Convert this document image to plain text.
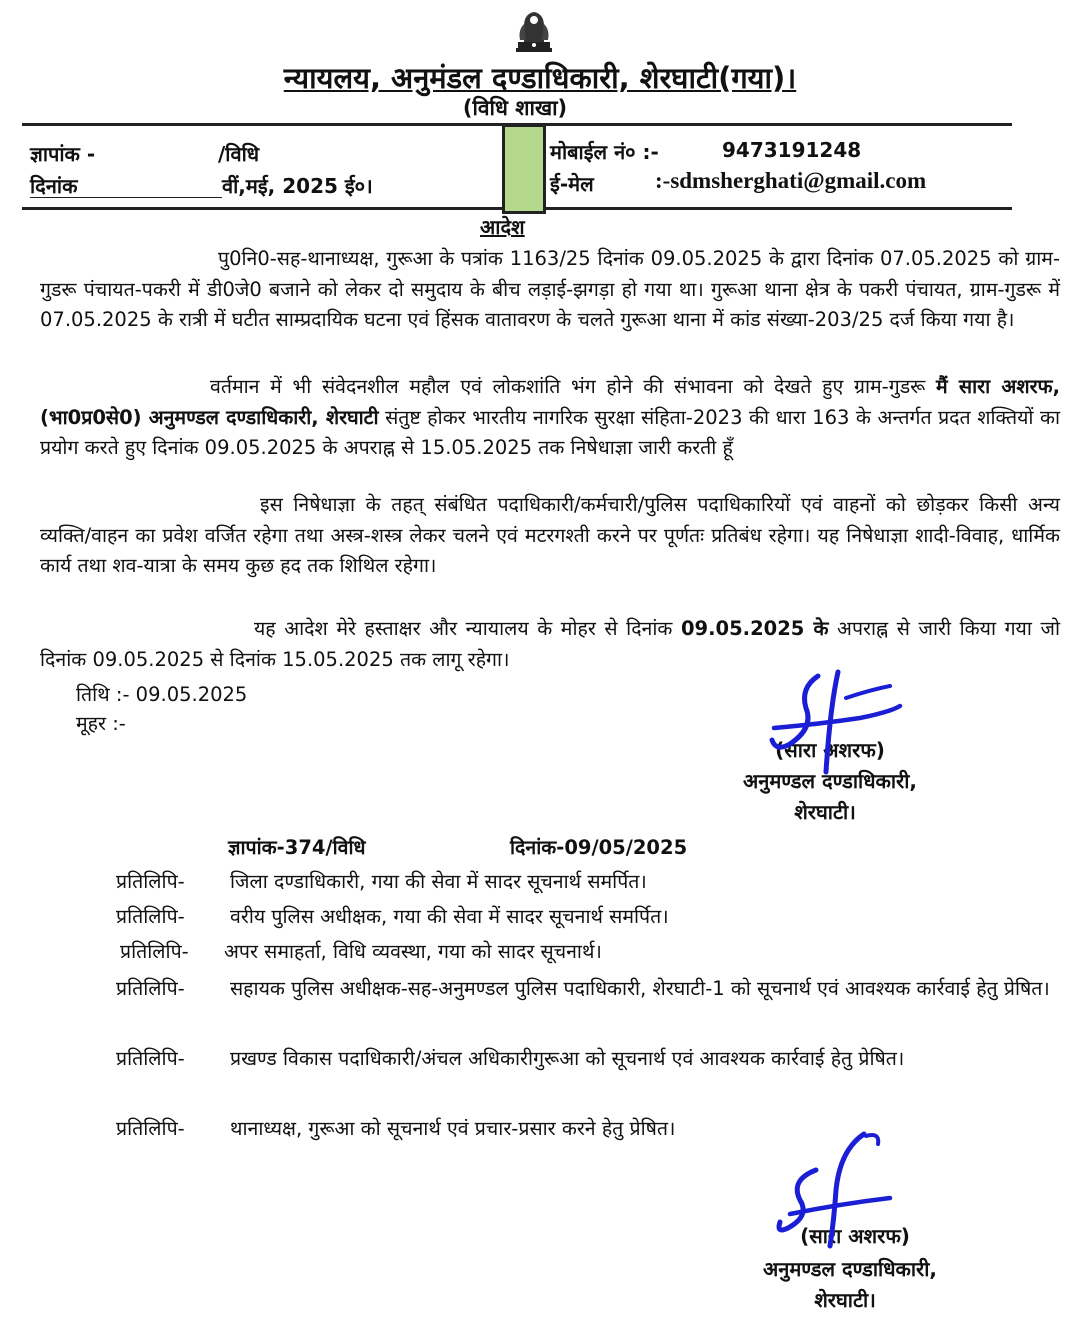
न्यायलय, अनुमंडल दण्डाधिकारी, शेरघाटी(गया)।
(विधि शाखा)
ज्ञापांक -	/विधि
दिनांक	वीं,मई, 2025 ई०।
मोबाईल नं० :-	9473191248
ई-मेल	:-sdmsherghati@gmail.com
आदेश
पु0नि0-सह-थानाध्यक्ष, गुरूआ के पत्रांक 1163/25 दिनांक 09.05.2025 के द्वारा दिनांक 07.05.2025 को ग्राम-गुडरू पंचायत-पकरी में डी0जे0 बजाने को लेकर दो समुदाय के बीच लड़ाई-झगड़ा हो गया था। गुरूआ थाना क्षेत्र के पकरी पंचायत, ग्राम-गुडरू में 07.05.2025 के रात्री में घटीत साम्प्रदायिक घटना एवं हिंसक वातावरण के चलते गुरूआ थाना में कांड संख्या-203/25 दर्ज किया गया है।
वर्तमान में भी संवेदनशील महौल एवं लोकशांति भंग होने की संभावना को देखते हुए ग्राम-गुडरू मैं सारा अशरफ, (भा0प्र0से0) अनुमण्डल दण्डाधिकारी, शेरघाटी संतुष्ट होकर भारतीय नागरिक सुरक्षा संहिता-2023 की धारा 163 के अन्तर्गत प्रदत शक्तियों का प्रयोग करते हुए दिनांक 09.05.2025 के अपराह्न से 15.05.2025 तक निषेधाज्ञा जारी करती हूँ
इस निषेधाज्ञा के तहत् संबंधित पदाधिकारी/कर्मचारी/पुलिस पदाधिकारियों एवं वाहनों को छोड़कर किसी अन्य व्यक्ति/वाहन का प्रवेश वर्जित रहेगा तथा अस्त्र-शस्त्र लेकर चलने एवं मटरगश्ती करने पर पूर्णतः प्रतिबंध रहेगा। यह निषेधाज्ञा शादी-विवाह, धार्मिक कार्य तथा शव-यात्रा के समय कुछ हद तक शिथिल रहेगा।
यह आदेश मेरे हस्ताक्षर और न्यायालय के मोहर से दिनांक 09.05.2025 के अपराह्न से जारी किया गया जो दिनांक 09.05.2025 से दिनांक 15.05.2025 तक लागू रहेगा।
तिथि :- 09.05.2025
मूहर :-
(सारा अशरफ)
अनुमण्डल दण्डाधिकारी,
शेरघाटी।
ज्ञापांक-374/विधि	दिनांक-09/05/2025
प्रतिलिपि- जिला दण्डाधिकारी, गया की सेवा में सादर सूचनार्थ समर्पित।
प्रतिलिपि- वरीय पुलिस अधीक्षक, गया की सेवा में सादर सूचनार्थ समर्पित।
प्रतिलिपि- अपर समाहर्ता, विधि व्यवस्था, गया को सादर सूचनार्थ।
प्रतिलिपि- सहायक पुलिस अधीक्षक-सह-अनुमण्डल पुलिस पदाधिकारी, शेरघाटी-1 को सूचनार्थ एवं आवश्यक कार्रवाई हेतु प्रेषित।
प्रतिलिपि- प्रखण्ड विकास पदाधिकारी/अंचल अधिकारीगुरूआ को सूचनार्थ एवं आवश्यक कार्रवाई हेतु प्रेषित।
प्रतिलिपि- थानाध्यक्ष, गुरूआ को सूचनार्थ एवं प्रचार-प्रसार करने हेतु प्रेषित।
(सारा अशरफ)
अनुमण्डल दण्डाधिकारी,
शेरघाटी।
